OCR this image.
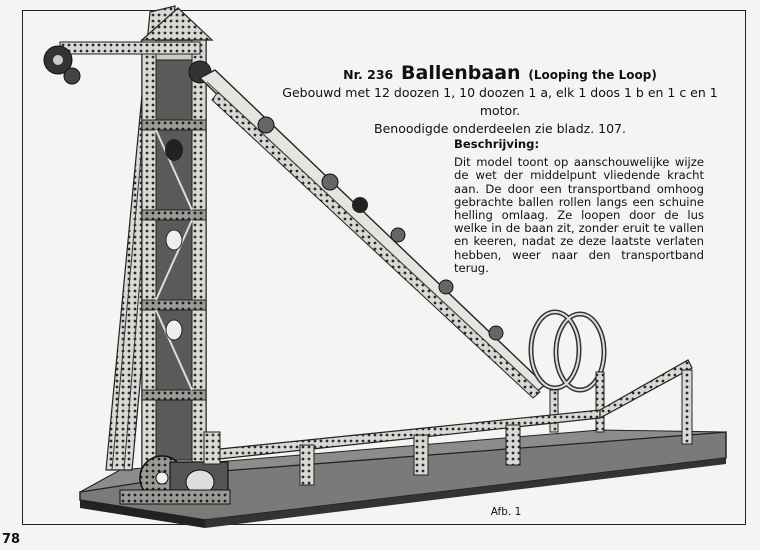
Nr. 236 Ballenbaan (Looping the Loop)
Gebouwd met 12 doozen 1, 10 doozen 1 a, elk 1 doos 1 b en 1 c en 1 motor.
Benoodigde onderdeelen zie bladz. 107.
Beschrijving:
Dit model toont op aanschouwelijke wijze de wet der middelpunt vliedende kracht aan. De door een transportband omhoog gebrachte ballen rollen langs een schuine helling omlaag. Ze loopen door de lus welke in de baan zit, zonder eruit te vallen en keeren, nadat ze deze laatste verlaten hebben, weer naar den transportband terug.
Afb. 1
78
